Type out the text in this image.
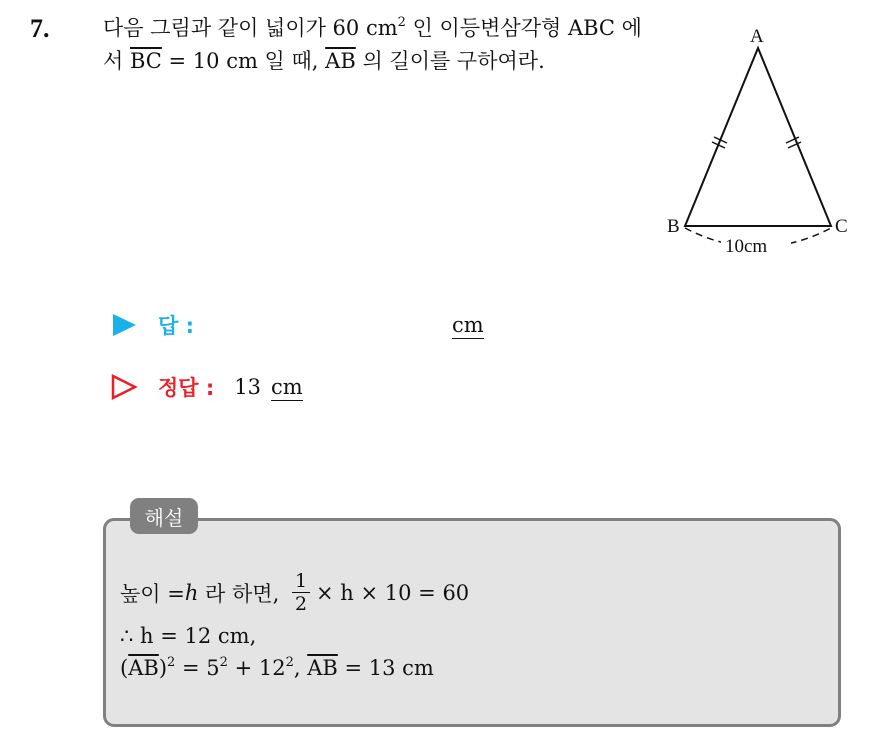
7.	다음 그림과 같이 넓이가 60 $cm^2$ 인 이등변삼각형 ABC 에서 $\overline{BC} = 10$ cm 일 때, $\overline{AB}$ 의 길이를 구하여라.
A
B	C
10cm
답 :	cm
정답 : 13 cm
해설
높이 = h 라 하면, $\frac{1}{2} \times h \times 10 = 60$
∴ h = 12 cm,
$(\overline{AB})^2 = 5^2 + 12^2$, $\overline{AB} = 13$ cm
